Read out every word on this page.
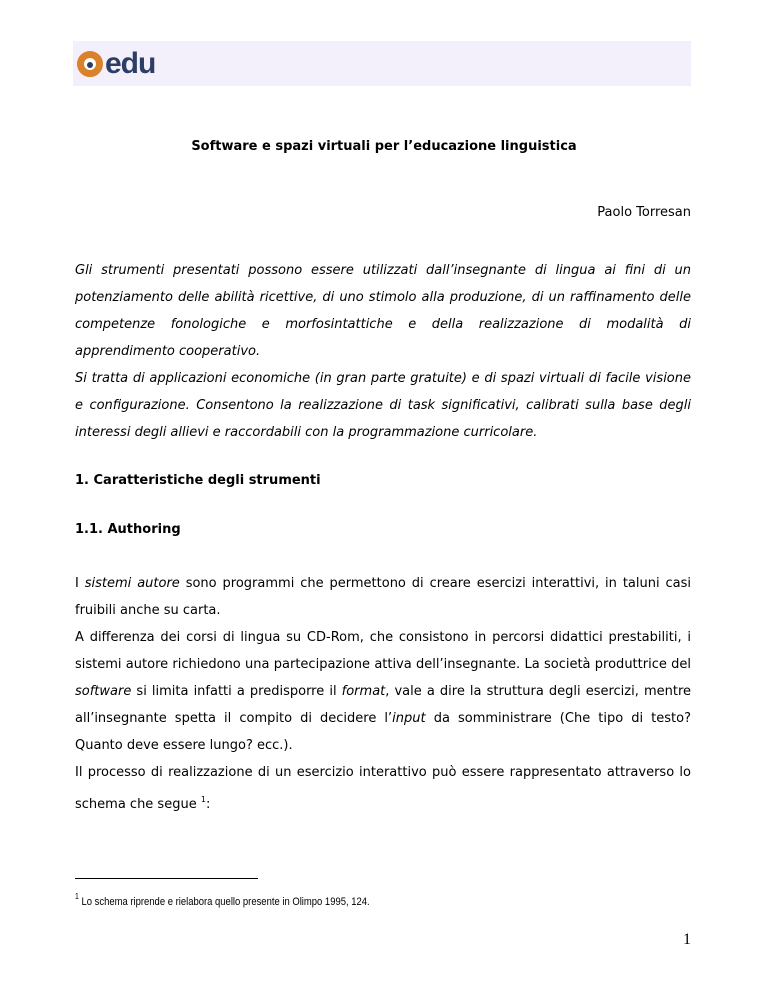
edu
Software e spazi virtuali per l’educazione linguistica
Paolo Torresan

Gli strumenti presentati possono essere utilizzati dall’insegnante di lingua ai fini di un potenziamento delle abilità ricettive, di uno stimolo alla produzione, di un raffinamento delle competenze fonologiche e morfosintattiche e della realizzazione di modalità di apprendimento cooperativo.

Si tratta di applicazioni economiche (in gran parte gratuite) e di spazi virtuali di facile visione e configurazione. Consentono la realizzazione di task significativi, calibrati sulla base degli interessi degli allievi e raccordabili con la programmazione curricolare.

1. Caratteristiche degli strumenti
1.1. Authoring

I sistemi autore sono programmi che permettono di creare esercizi interattivi, in taluni casi fruibili anche su carta.

A differenza dei corsi di lingua su CD-Rom, che consistono in percorsi didattici prestabiliti, i sistemi autore richiedono una partecipazione attiva dell’insegnante. La società produttrice del software si limita infatti a predisporre il format, vale a dire la struttura degli esercizi, mentre all’insegnante spetta il compito di decidere l’input da somministrare (Che tipo di testo? Quanto deve essere lungo? ecc.).

Il processo di realizzazione di un esercizio interattivo può essere rappresentato attraverso lo schema che segue $^1$:

$^1$ Lo schema riprende e rielabora quello presente in Olimpo 1995, 124.
1
